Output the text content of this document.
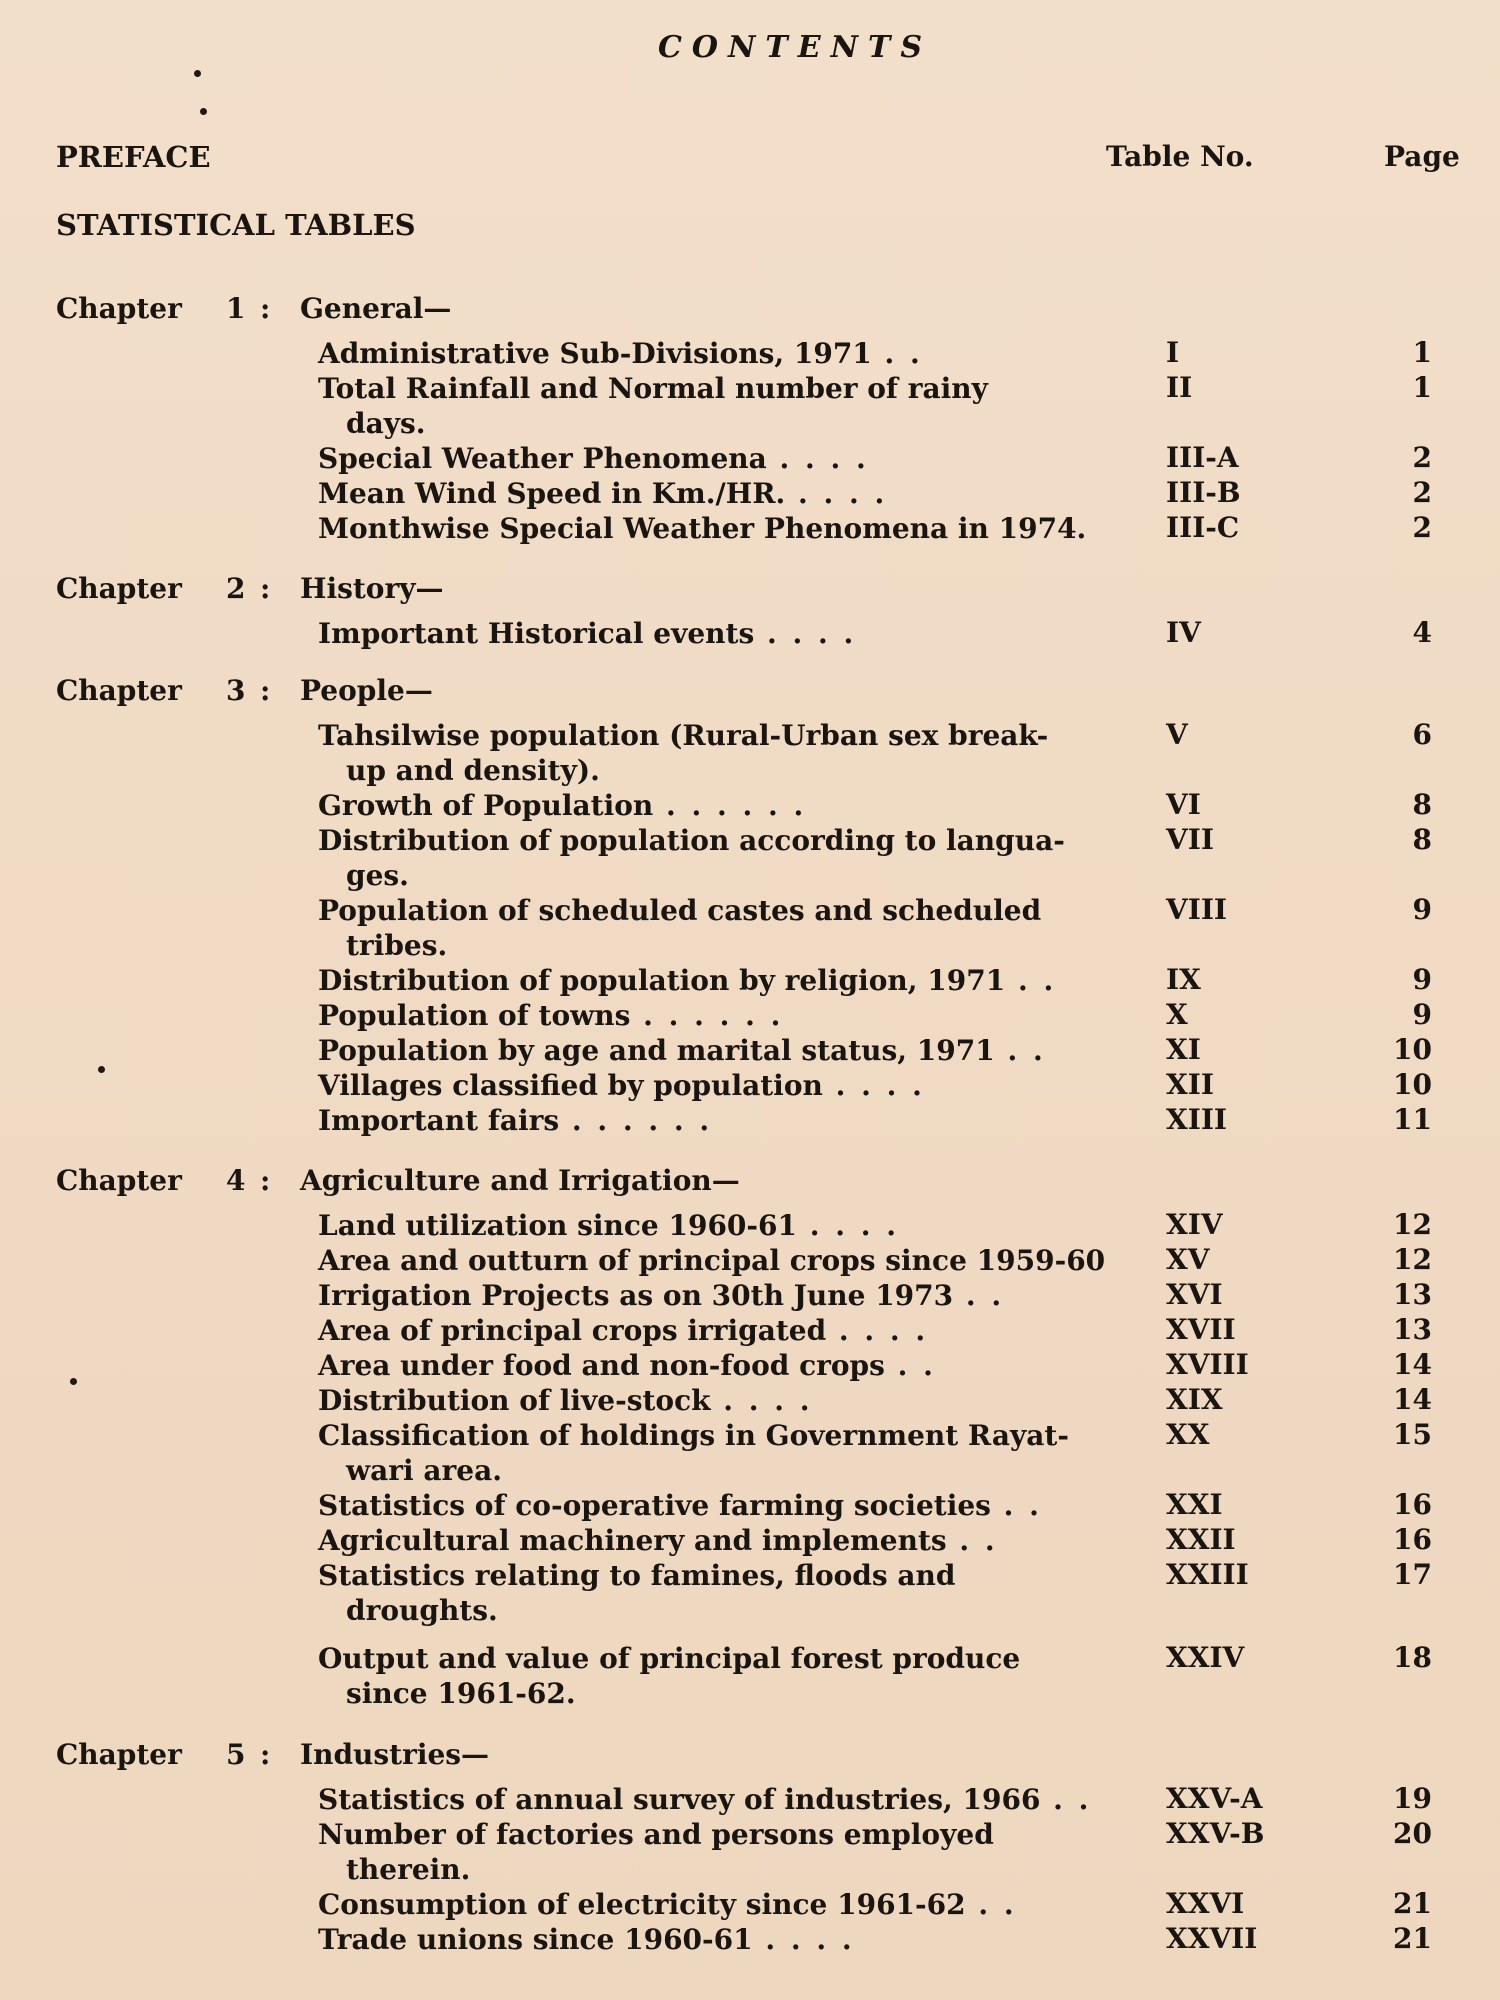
CONTENTS
PREFACE	Table No.	Page
STATISTICAL TABLES
Chapter 1 : General—
Chapter 2 : History—
Chapter 3 : People—
Chapter 4 : Agriculture and Irrigation—
Chapter 5 : Industries—
Administrative Sub-Divisions, 1971 . .	I	1
Total Rainfall and Normal number of rainy
days.
II	1
Special Weather Phenomena . . . .	III-A	2
Mean Wind Speed in Km./HR. . . . .	III-B	2
Monthwise Special Weather Phenomena in 1974.	III-C	2
Important Historical events . . . .	IV	4
Tahsilwise population (Rural-Urban sex break-
up and density).
V	6
Growth of Population . . . . . .	VI	8
Distribution of population according to langua-
ges.
VII	8
Population of scheduled castes and scheduled
tribes.
VIII	9
Distribution of population by religion, 1971 . .	IX	9
Population of towns . . . . . .	X	9
Population by age and marital status, 1971 . .	XI	10
Villages classified by population . . . .	XII	10
Important fairs . . . . . .	XIII	11
Land utilization since 1960-61 . . . .	XIV	12
Area and outturn of principal crops since 1959-60	XV	12
Irrigation Projects as on 30th June 1973 . .	XVI	13
Area of principal crops irrigated . . . .	XVII	13
Area under food and non-food crops . .	XVIII	14
Distribution of live-stock . . . .	XIX	14
Classification of holdings in Government Rayat-
wari area.
XX	15
Statistics of co-operative farming societies . .	XXI	16
Agricultural machinery and implements . .	XXII	16
Statistics relating to famines, floods and
droughts.
XXIII	17
Output and value of principal forest produce
since 1961-62.
XXIV	18
Statistics of annual survey of industries, 1966 . .	XXV-A	19
Number of factories and persons employed
therein.
XXV-B	20
Consumption of electricity since 1961-62 . .	XXVI	21
Trade unions since 1960-61 . . . .	XXVII	21
